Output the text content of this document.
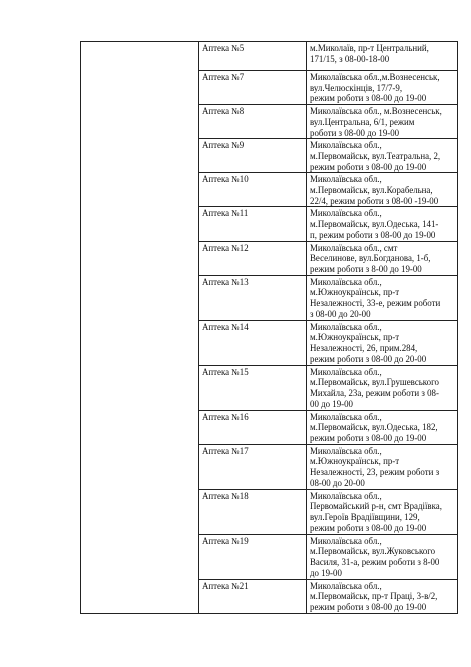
	Аптека №5	м.Миколаїв, пр-т Центральний,
171/15, з 08-00-18-00

	Аптека №7	Миколаївська обл.,м.Вознесенськ,
вул.Челюскінців, 17/7-9,
режим роботи з 08-00 до 19-00

	Аптека №8	Миколаївська обл., м.Вознесенськ,
вул.Центральна, 6/1, режим
роботи з 08-00 до 19-00

	Аптека №9	Миколаївська обл.,
м.Первомайськ, вул.Театральна, 2,
режим роботи з 08-00 до 19-00

	Аптека №10	Миколаївська обл.,
м.Первомайськ, вул.Корабельна,
22/4, режим роботи з 08-00 -19-00

	Аптека №11	Миколаївська обл.,
м.Первомайськ, вул.Одеська, 141-
п, режим роботи з 08-00 до 19-00

	Аптека №12	Миколаївська обл., смт
Веселинове, вул.Богданова, 1-б,
режим роботи з 8-00 до 19-00

	Аптека №13	Миколаївська обл.,
м.Южноукраїнськ, пр-т
Незалежності, 33-е, режим роботи
з 08-00 до 20-00

	Аптека №14	Миколаївська обл.,
м.Южноукраїнськ, пр-т
Незалежності, 26, прим.284,
режим роботи з 08-00 до 20-00

	Аптека №15	Миколаївська обл.,
м.Первомайськ, вул.Грушевського
Михайла, 23а, режим роботи з 08-
00 до 19-00

	Аптека №16	Миколаївська обл.,
м.Первомайськ, вул.Одеська, 182,
режим роботи з 08-00 до 19-00

	Аптека №17	Миколаївська обл.,
м.Южноукраїнськ, пр-т
Незалежності, 23, режим роботи з
08-00 до 20-00

	Аптека №18	Миколаївська обл.,
Первомайський р-н, смт Врадіївка,
вул.Героїв Врадіївщини, 129,
режим роботи з 08-00 до 19-00

	Аптека №19	Миколаївська обл.,
м.Первомайськ, вул.Жуковського
Василя, 31-а, режим роботи з 8-00
до 19-00

	Аптека №21	Миколаївська обл.,
м.Первомайськ, пр-т Праці, 3-в/2,
режим роботи з 08-00 до 19-00
